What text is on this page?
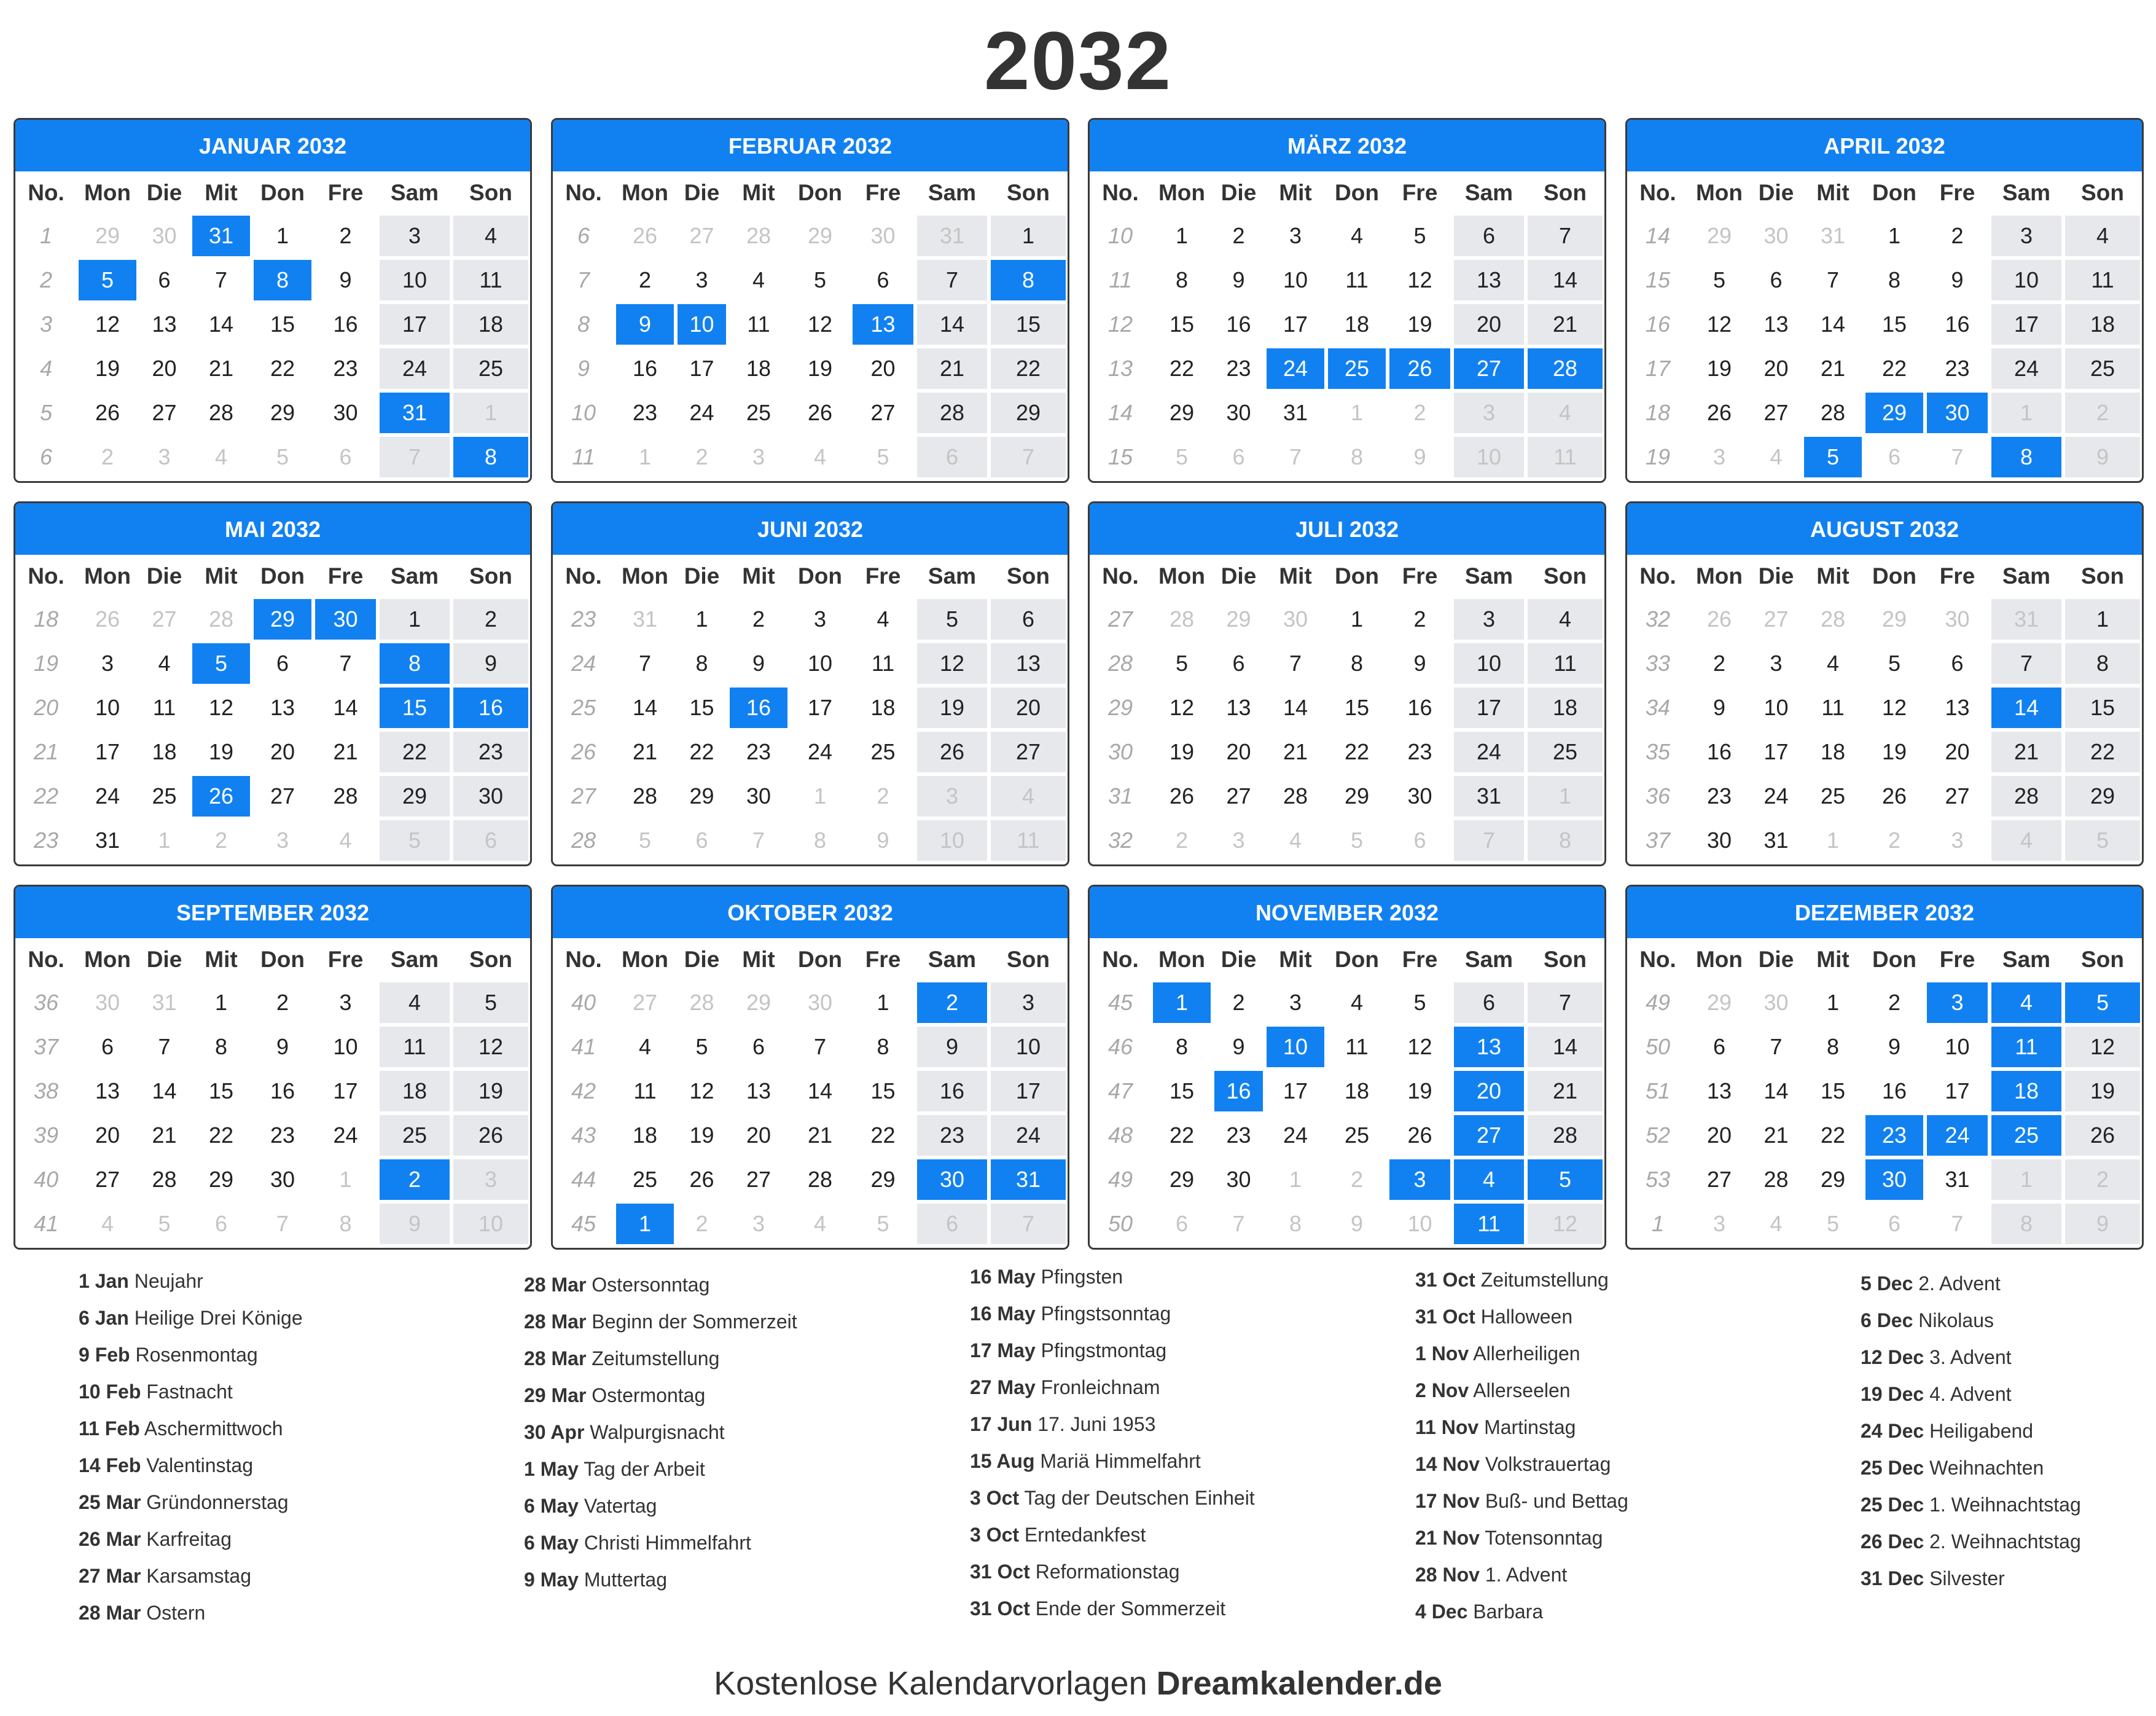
2032
JANUAR 2032
No. Mon Die	Mit	Don	Fre	Sam	Son
1	29	30	31	1	2	3	4
2	5	6	7	8	9	10	11
3	12	13	14	15	16	17	18
4	19	20	21	22	23	24	25
5	26	27	28	29	30	31	1
6	2	3	4	5	6	7	8
FEBRUAR 2032
No. Mon Die	Mit	Don	Fre	Sam	Son
6	26	27	28	29	30	31	1
7	2	3	4	5	6	7	8
8	9	10	11	12	13	14	15
9	16	17	18	19	20	21	22
10	23	24	25	26	27	28	29
11	1	2	3	4	5	6	7
MÄRZ 2032
No. Mon Die	Mit	Don	Fre	Sam	Son
10	1	2	3	4	5	6	7
11	8	9	10	11	12	13	14
12	15	16	17	18	19	20	21
13	22	23	24	25	26	27	28
14	29	30	31	1	2	3	4
15	5	6	7	8	9	10	11
APRIL 2032
No. Mon Die	Mit	Don	Fre	Sam	Son
14	29	30	31	1	2	3	4
15	5	6	7	8	9	10	11
16	12	13	14	15	16	17	18
17	19	20	21	22	23	24	25
18	26	27	28	29	30	1	2
19	3	4	5	6	7	8	9
MAI 2032
No. Mon Die	Mit	Don	Fre	Sam	Son
18	26	27	28	29	30	1	2
19	3	4	5	6	7	8	9
20	10	11	12	13	14	15	16
21	17	18	19	20	21	22	23
22	24	25	26	27	28	29	30
23	31	1	2	3	4	5	6
JUNI 2032
No. Mon Die	Mit	Don	Fre	Sam	Son
23	31	1	2	3	4	5	6
24	7	8	9	10	11	12	13
25	14	15	16	17	18	19	20
26	21	22	23	24	25	26	27
27	28	29	30	1	2	3	4
28	5	6	7	8	9	10	11
JULI 2032
No. Mon Die	Mit	Don	Fre	Sam	Son
27	28	29	30	1	2	3	4
28	5	6	7	8	9	10	11
29	12	13	14	15	16	17	18
30	19	20	21	22	23	24	25
31	26	27	28	29	30	31	1
32	2	3	4	5	6	7	8
AUGUST 2032
No. Mon Die	Mit	Don	Fre	Sam	Son
32	26	27	28	29	30	31	1
33	2	3	4	5	6	7	8
34	9	10	11	12	13	14	15
35	16	17	18	19	20	21	22
36	23	24	25	26	27	28	29
37	30	31	1	2	3	4	5
SEPTEMBER 2032
No. Mon Die	Mit	Don	Fre	Sam	Son
36	30	31	1	2	3	4	5
37	6	7	8	9	10	11	12
38	13	14	15	16	17	18	19
39	20	21	22	23	24	25	26
40	27	28	29	30	1	2	3
41	4	5	6	7	8	9	10
OKTOBER 2032
No. Mon Die	Mit	Don	Fre	Sam	Son
40	27	28	29	30	1	2	3
41	4	5	6	7	8	9	10
42	11	12	13	14	15	16	17
43	18	19	20	21	22	23	24
44	25	26	27	28	29	30	31
45	1	2	3	4	5	6	7
NOVEMBER 2032
No. Mon Die	Mit	Don	Fre	Sam	Son
45	1	2	3	4	5	6	7
46	8	9	10	11	12	13	14
47	15	16	17	18	19	20	21
48	22	23	24	25	26	27	28
49	29	30	1	2	3	4	5
50	6	7	8	9	10	11	12
DEZEMBER 2032
No. Mon Die	Mit	Don	Fre	Sam	Son
49	29	30	1	2	3	4	5
50	6	7	8	9	10	11	12
51	13	14	15	16	17	18	19
52	20	21	22	23	24	25	26
53	27	28	29	30	31	1	2
1	3	4	5	6	7	8	9
1 Jan Neujahr
6 Jan Heilige Drei Könige
9 Feb Rosenmontag
10 Feb Fastnacht
11 Feb Aschermittwoch
14 Feb Valentinstag
25 Mar Gründonnerstag
26 Mar Karfreitag
27 Mar Karsamstag
28 Mar Ostern
28 Mar Ostersonntag
28 Mar Beginn der Sommerzeit
28 Mar Zeitumstellung
29 Mar Ostermontag
30 Apr Walpurgisnacht
1 May Tag der Arbeit
6 May Vatertag
6 May Christi Himmelfahrt
9 May Muttertag
16 May Pfingsten
16 May Pfingstsonntag
17 May Pfingstmontag
27 May Fronleichnam
17 Jun 17. Juni 1953
15 Aug Mariä Himmelfahrt
3 Oct Tag der Deutschen Einheit
3 Oct Erntedankfest
31 Oct Reformationstag
31 Oct Ende der Sommerzeit
31 Oct Zeitumstellung
31 Oct Halloween
1 Nov Allerheiligen
2 Nov Allerseelen
11 Nov Martinstag
14 Nov Volkstrauertag
17 Nov Buß- und Bettag
21 Nov Totensonntag
28 Nov 1. Advent
4 Dec Barbara
5 Dec 2. Advent
6 Dec Nikolaus
12 Dec 3. Advent
19 Dec 4. Advent
24 Dec Heiligabend
25 Dec Weihnachten
25 Dec 1. Weihnachtstag
26 Dec 2. Weihnachtstag
31 Dec Silvester
Kostenlose Kalendarvorlagen Dreamkalender.de
